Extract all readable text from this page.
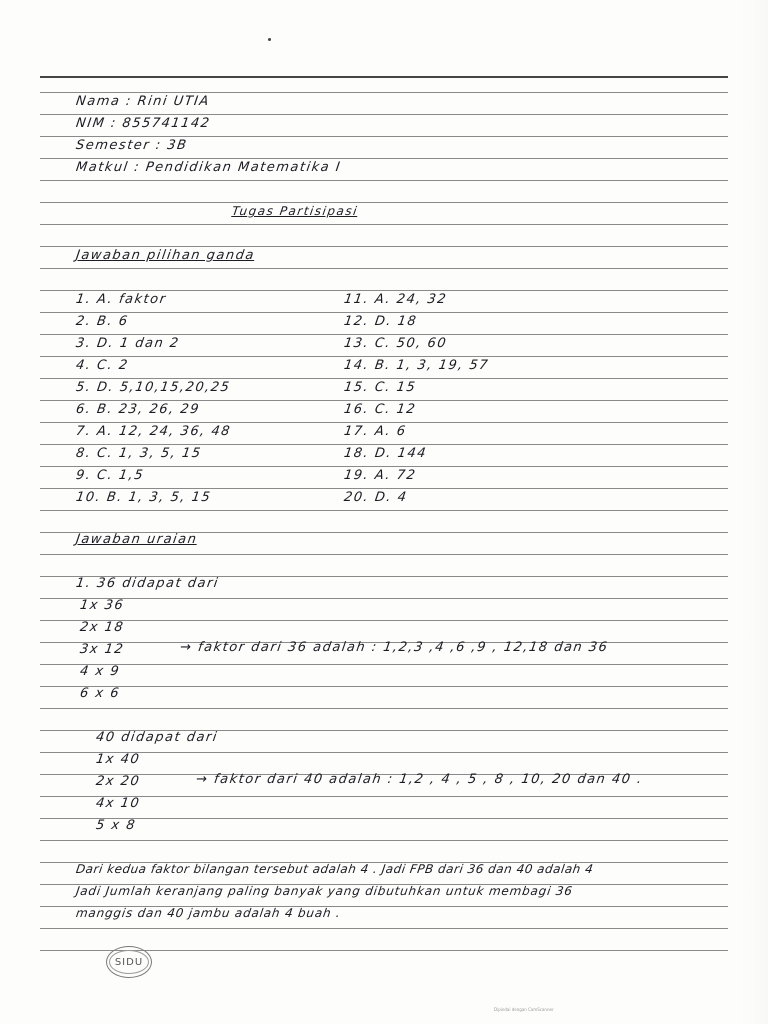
Nama : Rini UTIA
NIM : 855741142
Semester : 3B
Matkul : Pendidikan Matematika I
Tugas Partisipasi
Jawaban pilihan ganda
1. A. faktor
2. B. 6
3. D. 1 dan 2
4. C. 2
5. D. 5,10,15,20,25
6. B. 23, 26, 29
7. A. 12, 24, 36, 48
8. C. 1, 3, 5, 15
9. C. 1,5
10. B. 1, 3, 5, 15
11. A. 24, 32
12. D. 18
13. C. 50, 60
14. B. 1, 3, 19, 57
15. C. 15
16. C. 12
17. A. 6
18. D. 144
19. A. 72
20. D. 4
Jawaban uraian
1. 36 didapat dari
1x 36
2x 18
3x 12
4 x 9
6 x 6
→ faktor dari 36 adalah : 1,2,3 ,4 ,6 ,9 , 12,18 dan 36
40 didapat dari
1x 40
2x 20
4x 10
5 x 8
→ faktor dari 40 adalah : 1,2 , 4 , 5 , 8 , 10, 20 dan 40 .
Dari kedua faktor bilangan tersebut adalah 4 . Jadi FPB dari 36 dan 40 adalah 4
Jadi Jumlah keranjang paling banyak yang dibutuhkan untuk membagi 36
manggis dan 40 jambu adalah 4 buah .
SIDU
Dipindai dengan CamScanner
